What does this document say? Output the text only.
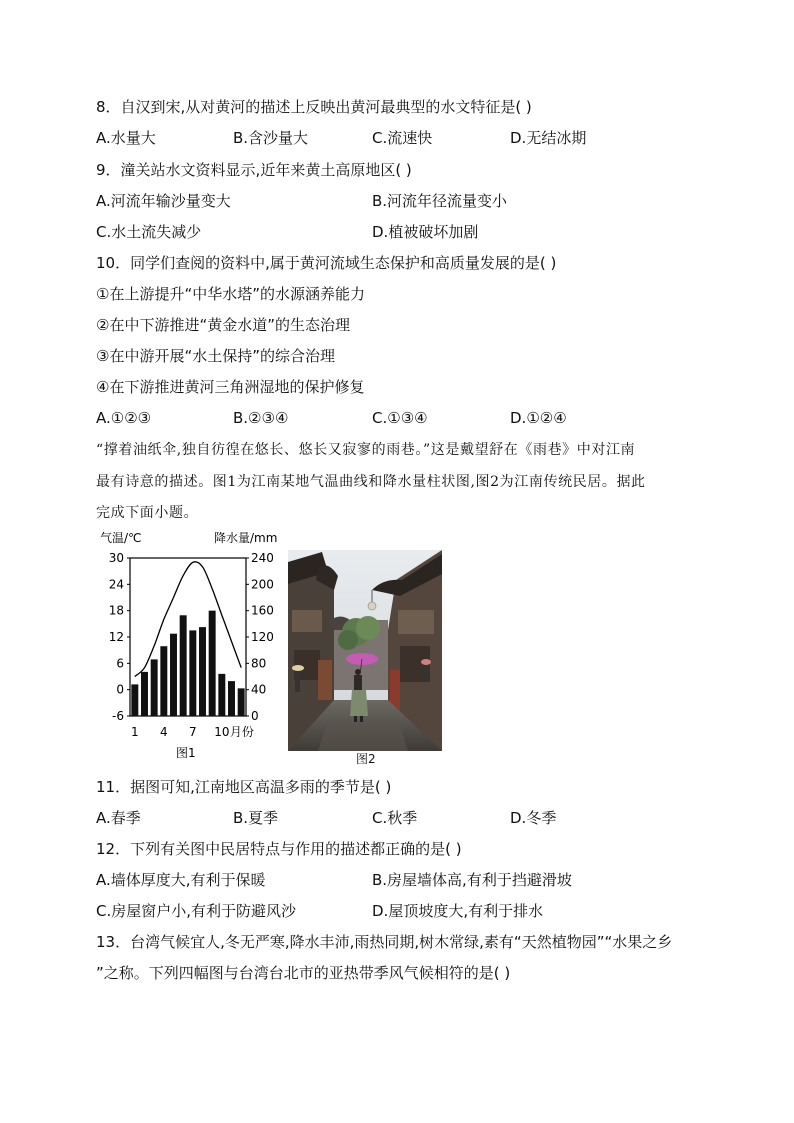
8．自汉到宋,从对黄河的描述上反映出黄河最典型的水文特征是( )
A.水量大	B.含沙量大	C.流速快	D.无结冰期
9．潼关站水文资料显示,近年来黄土高原地区( )
A.河流年输沙量变大	B.河流年径流量变小
C.水土流失减少	D.植被破坏加剧
10．同学们查阅的资料中,属于黄河流域生态保护和高质量发展的是( )
①在上游提升“中华水塔”的水源涵养能力
②在中下游推进“黄金水道”的生态治理
③在中游开展“水土保持”的综合治理
④在下游推进黄河三角洲湿地的保护修复
A.①②③	B.②③④	C.①③④	D.①②④
“撑着油纸伞,独自彷徨在悠长、悠长又寂寥的雨巷。”这是戴望舒在《雨巷》中对江南
最有诗意的描述。图1为江南某地气温曲线和降水量柱状图,图2为江南传统民居。据此
完成下面小题。
气温/℃	降水量/mm
30
24
18
12
6
0
-6
240
200
160
120
80
40
0
1 4 7 10 月份
图1	图2
11．据图可知,江南地区高温多雨的季节是( )
A.春季	B.夏季	C.秋季	D.冬季
12．下列有关图中民居特点与作用的描述都正确的是( )
A.墙体厚度大,有利于保暖	B.房屋墙体高,有利于挡避滑坡
C.房屋窗户小,有利于防避风沙	D.屋顶坡度大,有利于排水
13．台湾气候宜人,冬无严寒,降水丰沛,雨热同期,树木常绿,素有“天然植物园”“水果之乡
”之称。下列四幅图与台湾台北市的亚热带季风气候相符的是( )
